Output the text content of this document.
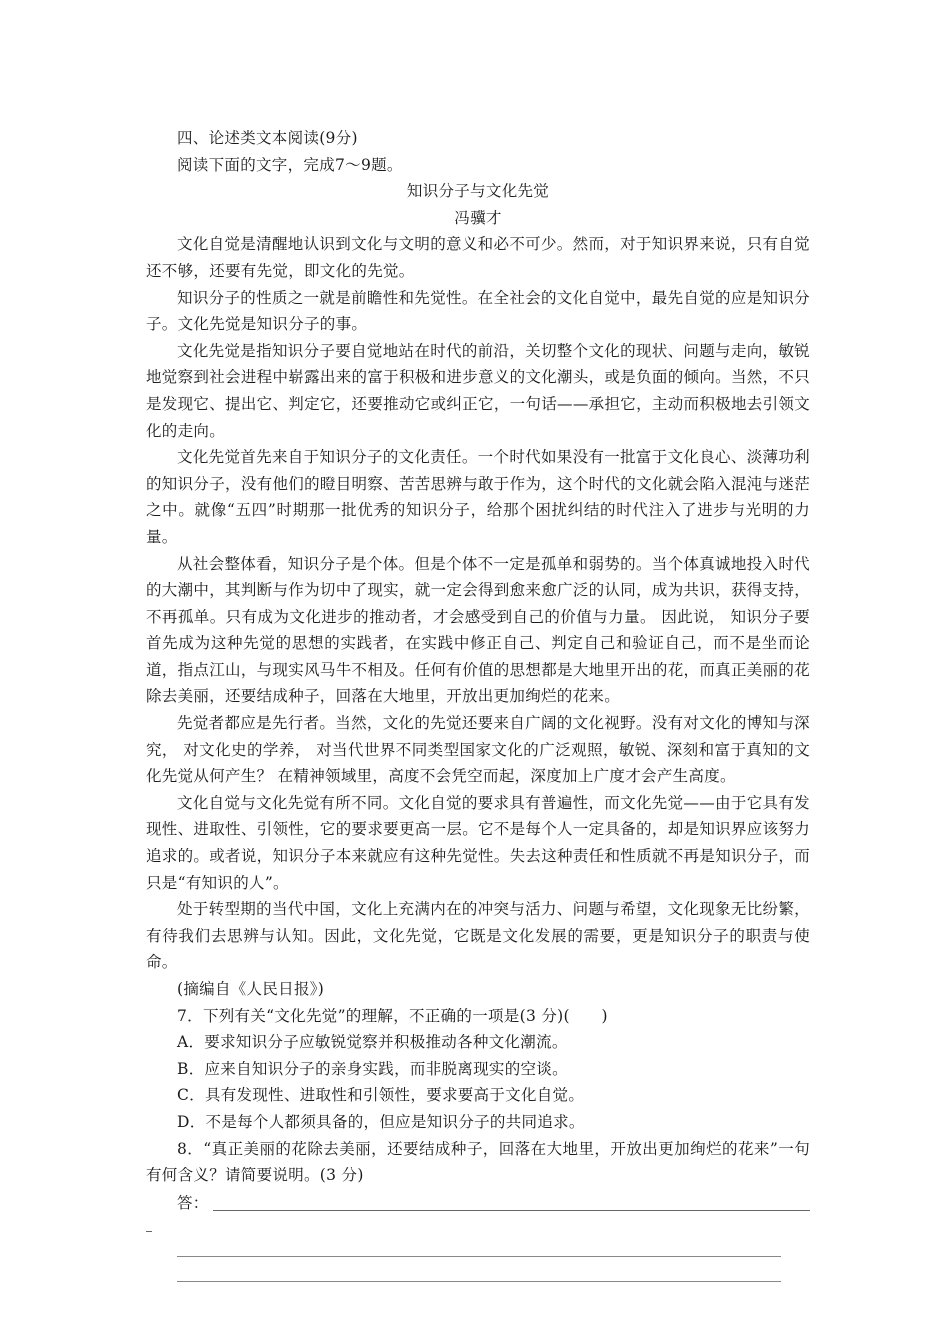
四、论述类文本阅读(9分)

阅读下面的文字，完成7～9题。

知识分子与文化先觉

冯骥才

文化自觉是清醒地认识到文化与文明的意义和必不可少。然而，对于知识界来说，只有自觉还不够，还要有先觉，即文化的先觉。

知识分子的性质之一就是前瞻性和先觉性。在全社会的文化自觉中，最先自觉的应是知识分子。文化先觉是知识分子的事。

文化先觉是指知识分子要自觉地站在时代的前沿，关切整个文化的现状、问题与走向，敏锐地觉察到社会进程中崭露出来的富于积极和进步意义的文化潮头，或是负面的倾向。当然，不只是发现它、提出它、判定它，还要推动它或纠正它，一句话——承担它，主动而积极地去引领文化的走向。

文化先觉首先来自于知识分子的文化责任。一个时代如果没有一批富于文化良心、淡薄功利的知识分子，没有他们的瞪目明察、苦苦思辨与敢于作为，这个时代的文化就会陷入混沌与迷茫之中。就像“五四”时期那一批优秀的知识分子，给那个困扰纠结的时代注入了进步与光明的力量。

从社会整体看，知识分子是个体。但是个体不一定是孤单和弱势的。当个体真诚地投入时代的大潮中，其判断与作为切中了现实，就一定会得到愈来愈广泛的认同，成为共识，获得支持，不再孤单。只有成为文化进步的推动者，才会感受到自己的价值与力量。 因此说， 知识分子要首先成为这种先觉的思想的实践者，在实践中修正自己、判定自己和验证自己，而不是坐而论道，指点江山，与现实风马牛不相及。任何有价值的思想都是大地里开出的花，而真正美丽的花除去美丽，还要结成种子，回落在大地里，开放出更加绚烂的花来。

先觉者都应是先行者。当然，文化的先觉还要来自广阔的文化视野。没有对文化的博知与深究， 对文化史的学养， 对当代世界不同类型国家文化的广泛观照，敏锐、深刻和富于真知的文化先觉从何产生？ 在精神领域里，高度不会凭空而起，深度加上广度才会产生高度。

文化自觉与文化先觉有所不同。文化自觉的要求具有普遍性，而文化先觉——由于它具有发现性、进取性、引领性，它的要求要更高一层。它不是每个人一定具备的，却是知识界应该努力追求的。或者说，知识分子本来就应有这种先觉性。失去这种责任和性质就不再是知识分子，而只是“有知识的人”。

处于转型期的当代中国，文化上充满内在的冲突与活力、问题与希望，文化现象无比纷繁，有待我们去思辨与认知。因此，文化先觉，它既是文化发展的需要，更是知识分子的职责与使命。

(摘编自《人民日报》)

7．下列有关“文化先觉”的理解，不正确的一项是(3 分)(　　)

A．要求知识分子应敏锐觉察并积极推动各种文化潮流。

B．应来自知识分子的亲身实践，而非脱离现实的空谈。

C．具有发现性、进取性和引领性，要求要高于文化自觉。

D．不是每个人都须具备的，但应是知识分子的共同追求。

8．“真正美丽的花除去美丽，还要结成种子，回落在大地里，开放出更加绚烂的花来”一句有何含义？请简要说明。(3 分)

答：
